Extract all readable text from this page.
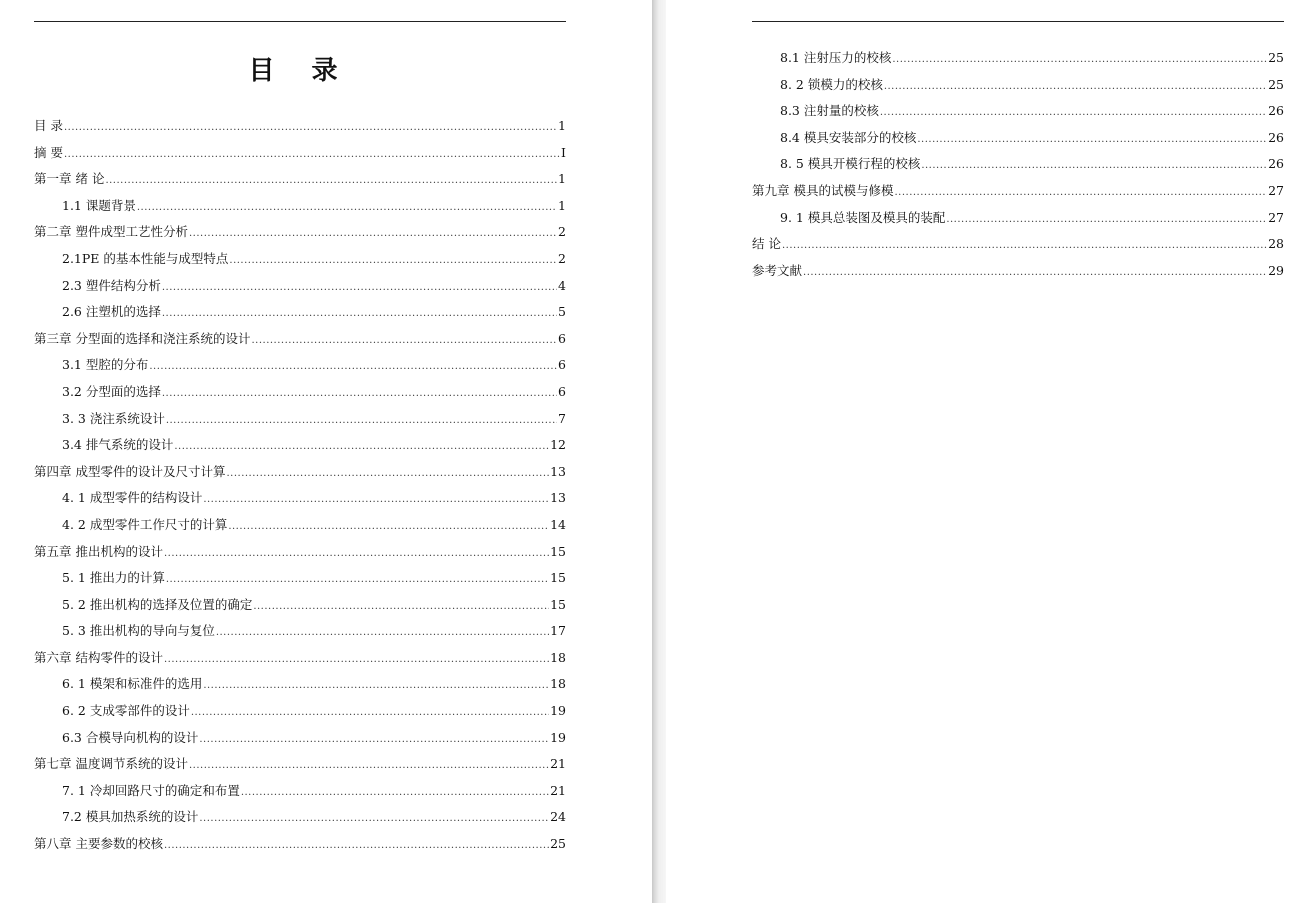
目 录
目 录 .....	1
摘 要 .....	I
第一章 绪 论 .....	1
1.1 课题背景 .....	1
第二章 塑件成型工艺性分析 .....	2
2.1PE 的基本性能与成型特点 .....	2
2.3 塑件结构分析 .....	4
2.6 注塑机的选择 .....	5
第三章 分型面的选择和浇注系统的设计 .....	6
3.1 型腔的分布 .....	6
3.2 分型面的选择 .....	6
3. 3 浇注系统设计 .....	7
3.4 排气系统的设计 .....	12
第四章 成型零件的设计及尺寸计算 .....	13
4. 1 成型零件的结构设计 .....	13
4. 2 成型零件工作尺寸的计算 .....	14
第五章 推出机构的设计 .....	15
5. 1 推出力的计算 .....	15
5. 2 推出机构的选择及位置的确定 .....	15
5. 3 推出机构的导向与复位 .....	17
第六章 结构零件的设计 .....	18
6. 1 模架和标准件的选用 .....	18
6. 2 支成零部件的设计 .....	19
6.3 合模导向机构的设计 .....	19
第七章 温度调节系统的设计 .....	21
7. 1 冷却回路尺寸的确定和布置 .....	21
7.2 模具加热系统的设计 .....	24
第八章 主要参数的校核 .....	25
8.1 注射压力的校核 .....	25
8. 2 锁模力的校核 .....	25
8.3 注射量的校核 .....	26
8.4 模具安装部分的校核 .....	26
8. 5 模具开模行程的校核 .....	26
第九章 模具的试模与修模 .....	27
9. 1 模具总装图及模具的装配 .....	27
结 论 .....	28
参考文献 .....	29
